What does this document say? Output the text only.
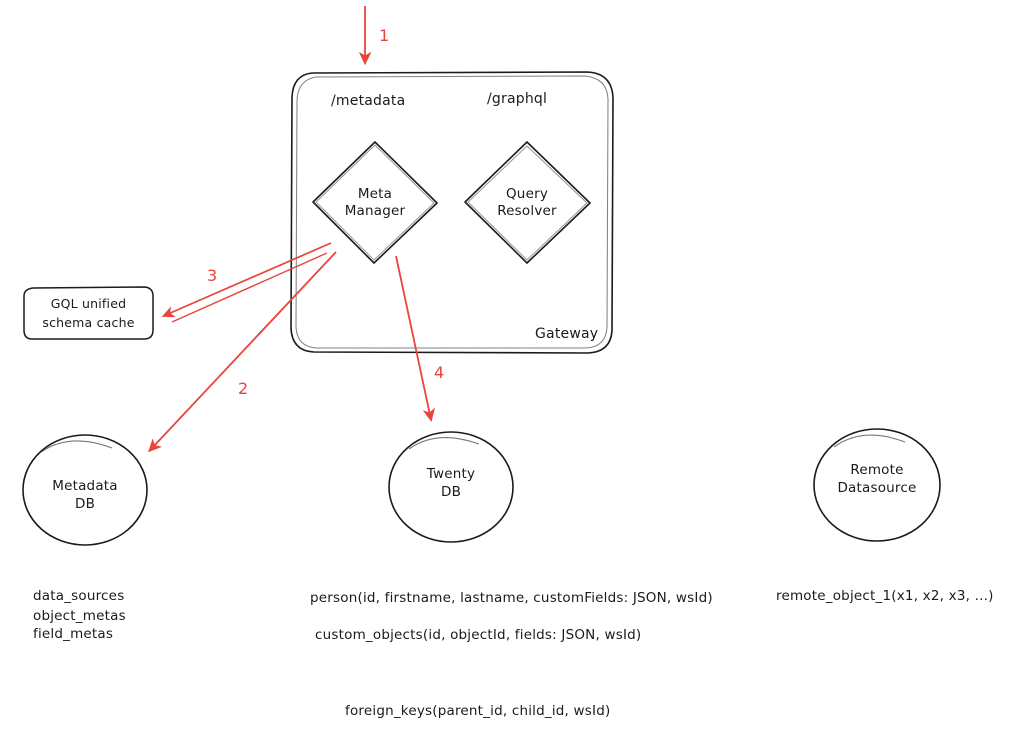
/metadata	/graphql
Gateway
Meta
Manager
Query
Resolver
GQL unified
schema cache
Metadata
DB
Twenty
DB
Remote
Datasource
1
2
3
4
data_sources
object_metas
field_metas
person(id, firstname, lastname, customFields: JSON, wsId)
custom_objects(id, objectId, fields: JSON, wsId)
remote_object_1(x1, x2, x3, ...)
foreign_keys(parent_id, child_id, wsId)
